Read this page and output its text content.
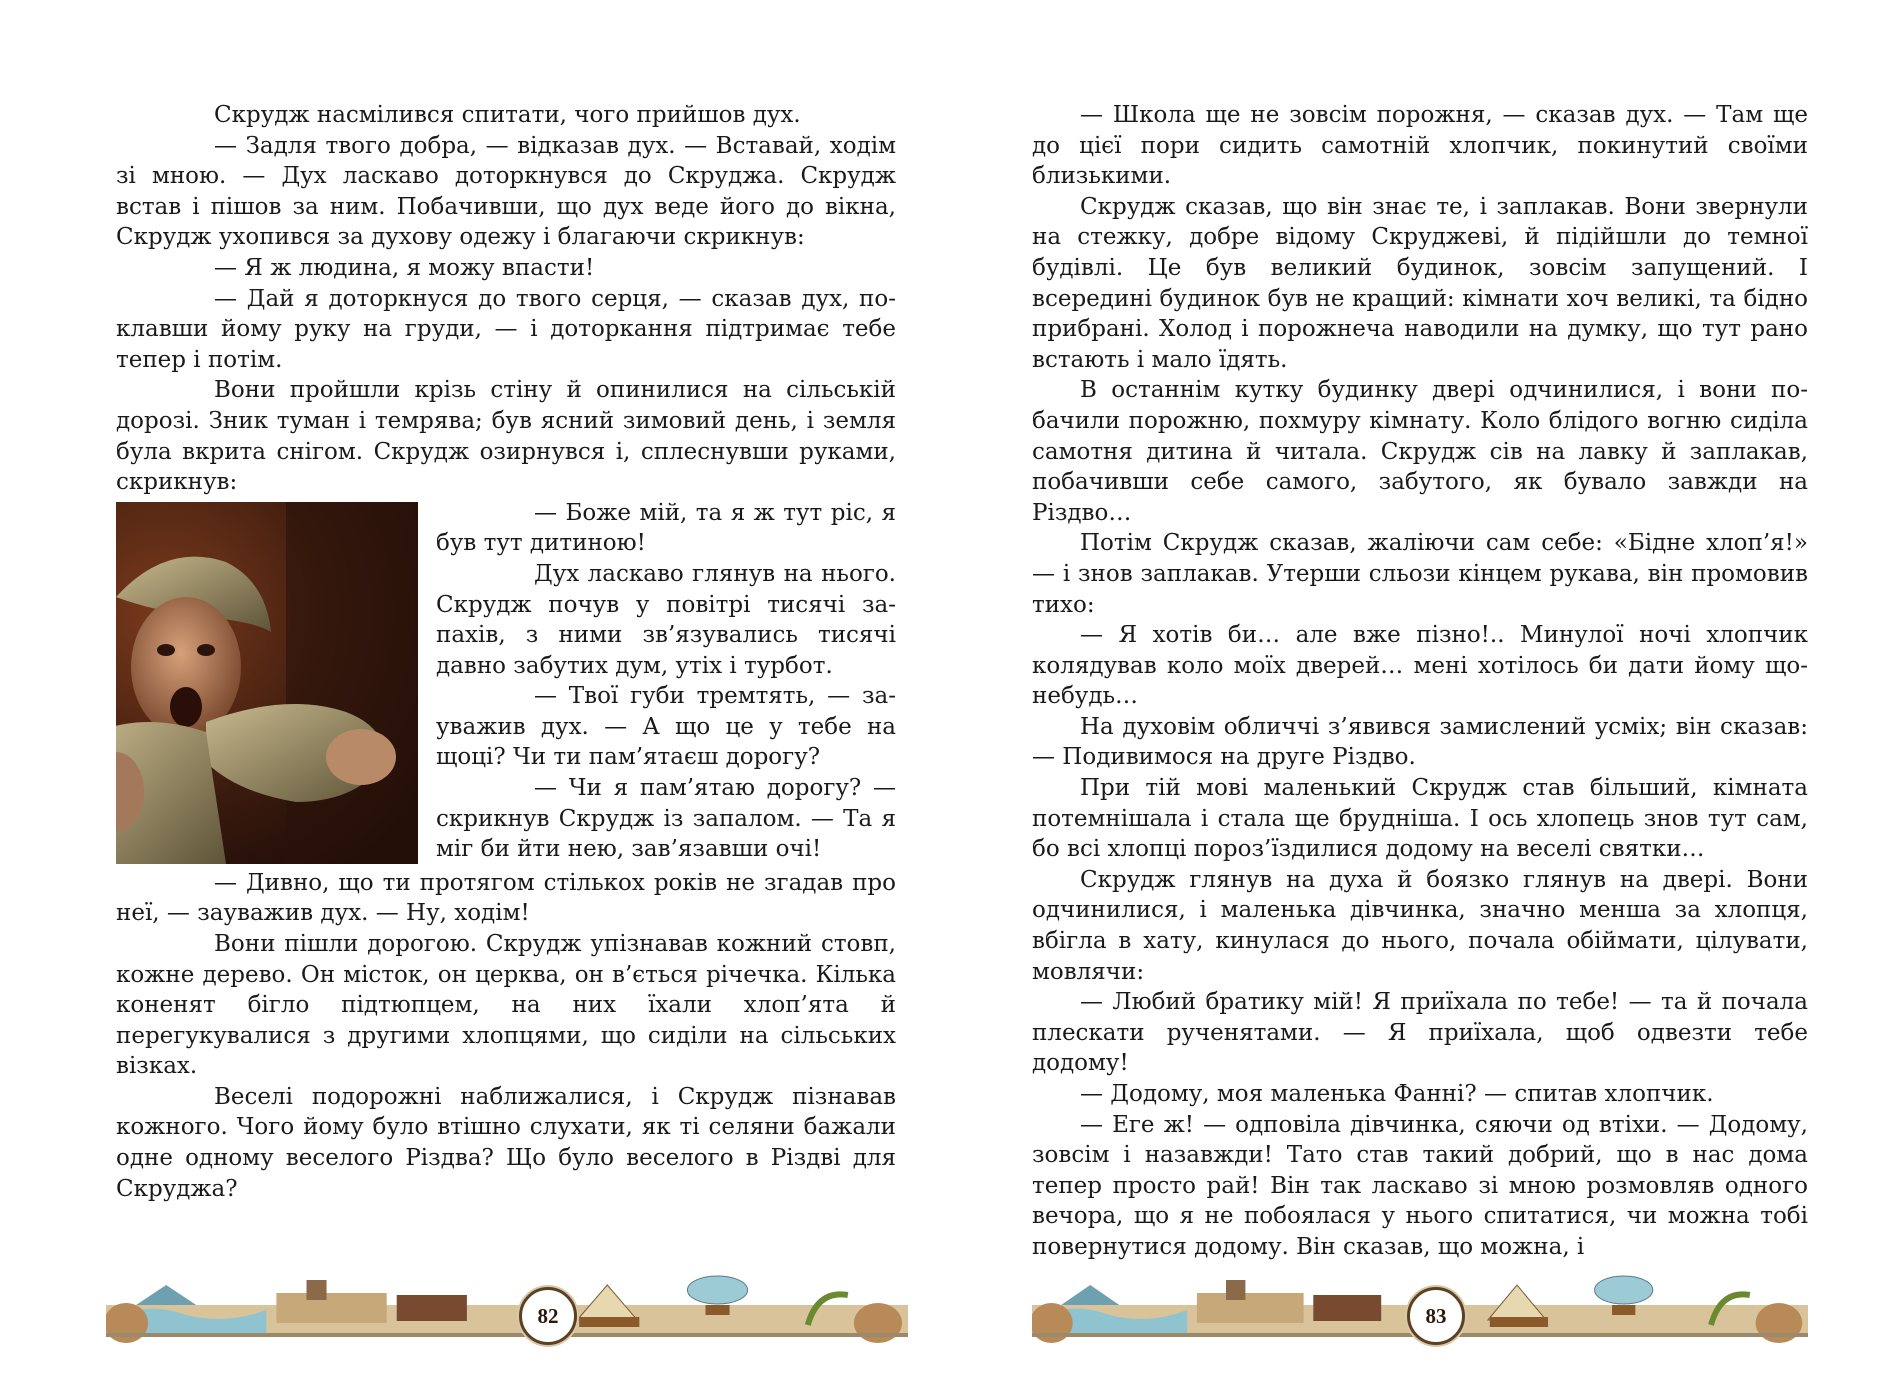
Скрудж насмілився спитати, чого прийшов дух.

— Задля твого добра, — відказав дух. — Вставай, ходім зі мною. — Дух ласкаво доторкнувся до Скруджа. Скрудж встав і пішов за ним. Побачивши, що дух веде його до вікна, Скрудж ухопився за духову одежу і благаючи скрикнув:

— Я ж людина, я можу впасти!

— Дай я доторкнуся до твого серця, — сказав дух, поклавши йому руку на груди, — і доторкання підтримає тебе тепер і потім.

Вони пройшли крізь стіну й опинилися на сільській дорозі. Зник туман і темрява; був ясний зимовий день, і земля була вкрита снігом. Скрудж озирнувся і, сплеснувши руками, скрикнув:

— Боже мій, та я ж тут ріс, я був тут дитиною!

Дух ласкаво глянув на нього. Скрудж почув у повітрі тисячі запахів, з ними зв’язувались тисячі давно забутих дум, утіх і турбот.

— Твої губи тремтять, — зауважив дух. — А що це у тебе на щоці? Чи ти пам’ятаєш дорогу?

— Чи я пам’ятаю дорогу? — скрикнув Скрудж із запалом. — Та я міг би йти нею, зав’язавши очі!

— Дивно, що ти протягом стількох років не згадав про неї, — зауважив дух. — Ну, ходім!

Вони пішли дорогою. Скрудж упізнавав кожний стовп, кожне дерево. Он місток, он церква, он в’ється річечка. Кілька коненят бігло підтюпцем, на них їхали хлоп’ята й перегукувалися з другими хлопцями, що сиділи на сільських візках.

Веселі подорожні наближалися, і Скрудж пізнавав кожного. Чого йому було втішно слухати, як ті селяни бажали одне одному веселого Різдва? Що було веселого в Різдві для Скруджа?

82

— Школа ще не зовсім порожня, — сказав дух. — Там ще до цієї пори сидить самотній хлопчик, покинутий своїми близькими.

Скрудж сказав, що він знає те, і заплакав. Вони звернули на стежку, добре відому Скруджеві, й підійшли до темної будівлі. Це був великий будинок, зовсім запущений. І всередині будинок був не кращий: кімнати хоч великі, та бідно прибрані. Холод і порожнеча наводили на думку, що тут рано встають і мало їдять.

В останнім кутку будинку двері одчинилися, і вони побачили порожню, похмуру кімнату. Коло блідого вогню сиділа самотня дитина й читала. Скрудж сів на лавку й заплакав, побачивши себе самого, забутого, як бувало завжди на Різдво…

Потім Скрудж сказав, жаліючи сам себе: «Бідне хлоп’я!» — і знов заплакав. Утерши сльози кінцем рукава, він промовив тихо:

— Я хотів би… але вже пізно!.. Минулої ночі хлопчик колядував коло моїх дверей… мені хотілось би дати йому що-небудь…

На духовім обличчі з’явився замислений усміх; він сказав: — Подивимося на друге Різдво.

При тій мові маленький Скрудж став більший, кімната потемнішала і стала ще брудніша. І ось хлопець знов тут сам, бо всі хлопці пороз’їздилися додому на веселі святки…

Скрудж глянув на духа й боязко глянув на двері. Вони одчинилися, і маленька дівчинка, значно менша за хлопця, вбігла в хату, кинулася до нього, почала обіймати, цілувати, мовлячи:

— Любий братику мій! Я приїхала по тебе! — та й почала плескати рученятами. — Я приїхала, щоб одвезти тебе додому!

— Додому, моя маленька Фанні? — спитав хлопчик.

— Еге ж! — одповіла дівчинка, сяючи од втіхи. — Додому, зовсім і назавжди! Тато став такий добрий, що в нас дома тепер просто рай! Він так ласкаво зі мною розмовляв одного вечора, що я не побоялася у нього спитатися, чи можна тобі повернутися додому. Він сказав, що можна, і

83
